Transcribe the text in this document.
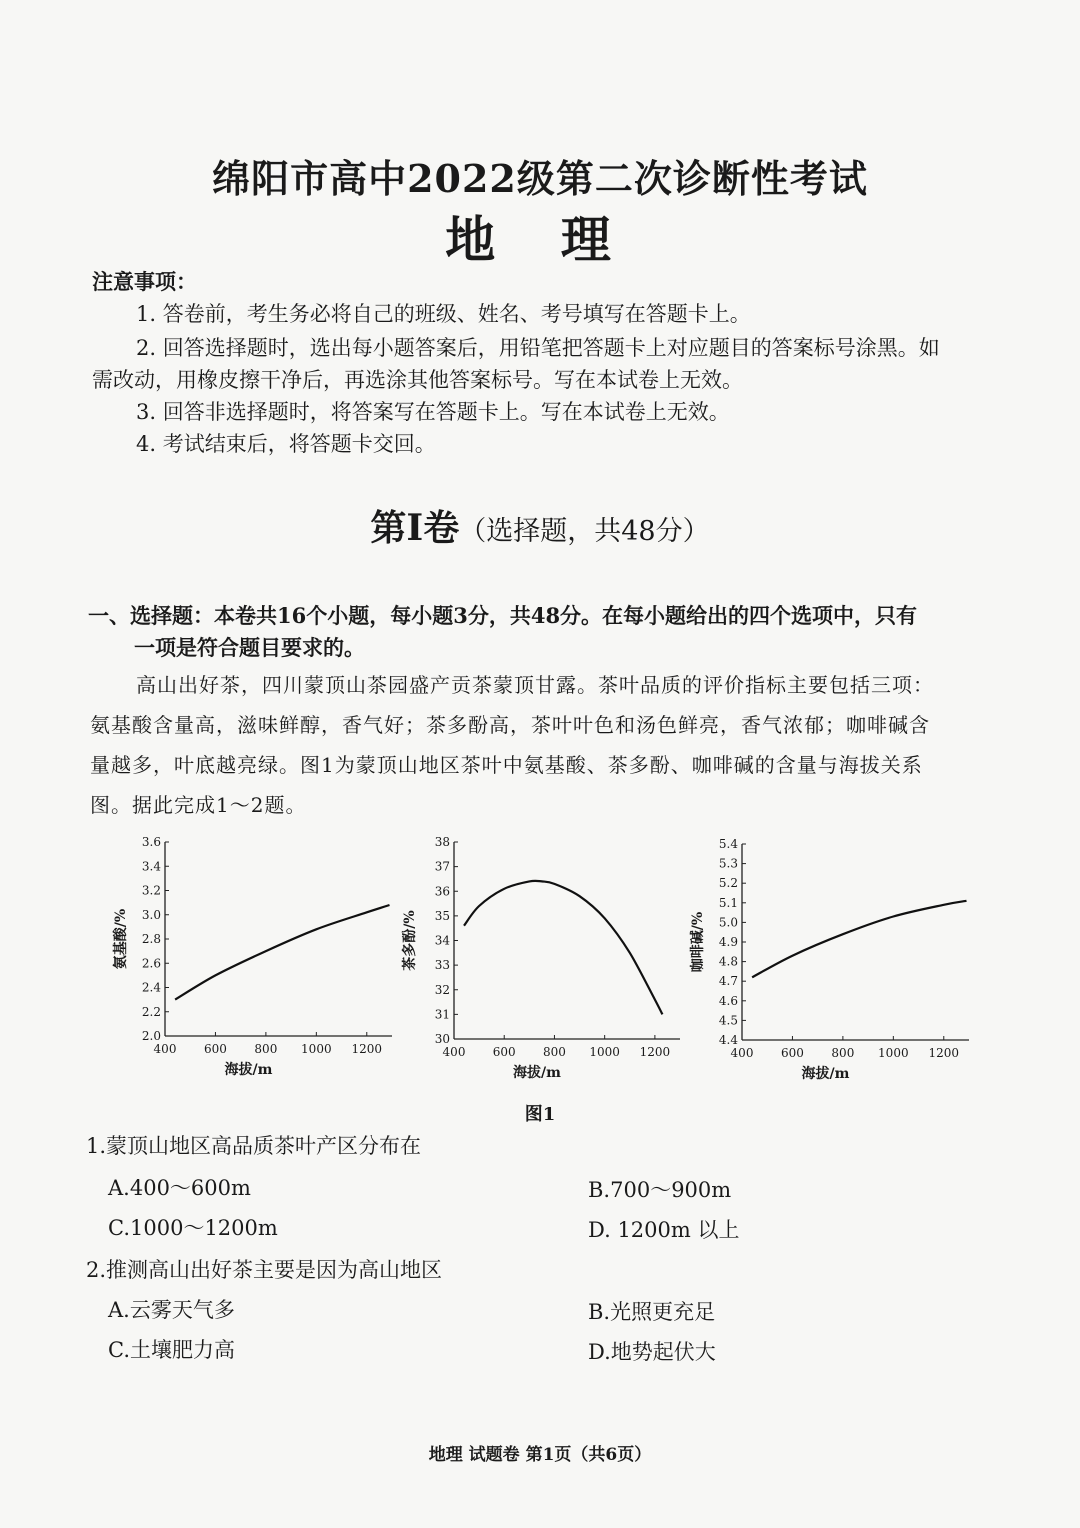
绵阳市高中2022级第二次诊断性考试
地 理
注意事项：
1. 答卷前，考生务必将自己的班级、姓名、考号填写在答题卡上。
2. 回答选择题时，选出每小题答案后，用铅笔把答题卡上对应题目的答案标号涂黑。如
需改动，用橡皮擦干净后，再选涂其他答案标号。写在本试卷上无效。
3. 回答非选择题时，将答案写在答题卡上。写在本试卷上无效。
4. 考试结束后，将答题卡交回。
第I卷（选择题，共48分）
一、选择题：本卷共16个小题，每小题3分，共48分。在每小题给出的四个选项中，只有
一项是符合题目要求的。
高山出好茶，四川蒙顶山茶园盛产贡茶蒙顶甘露。茶叶品质的评价指标主要包括三项：
氨基酸含量高，滋味鲜醇，香气好；茶多酚高，茶叶叶色和汤色鲜亮，香气浓郁；咖啡碱含
量越多，叶底越亮绿。图1为蒙顶山地区茶叶中氨基酸、茶多酚、咖啡碱的含量与海拔关系
图。据此完成1～2题。
2.0
2.2
2.4
2.6
2.8
3.0
3.2
3.4
3.6
400 600 800 1000 1200
海拔/m
氨基酸/%
30
31
32
33
34
35
36
37
38
400 600 800 1000 1200
海拔/m
茶多酚/%
4.4
4.5
4.6
4.7
4.8
4.9
5.0
5.1
5.2
5.3
5.4
400 600 800 1000 1200
海拔/m
咖啡碱/%
图1
1.蒙顶山地区高品质茶叶产区分布在
A.400～600m	B.700～900m
C.1000～1200m	D. 1200m 以上
2.推测高山出好茶主要是因为高山地区
A.云雾天气多	B.光照更充足
C.土壤肥力高	D.地势起伏大
地理 试题卷 第1页（共6页）
